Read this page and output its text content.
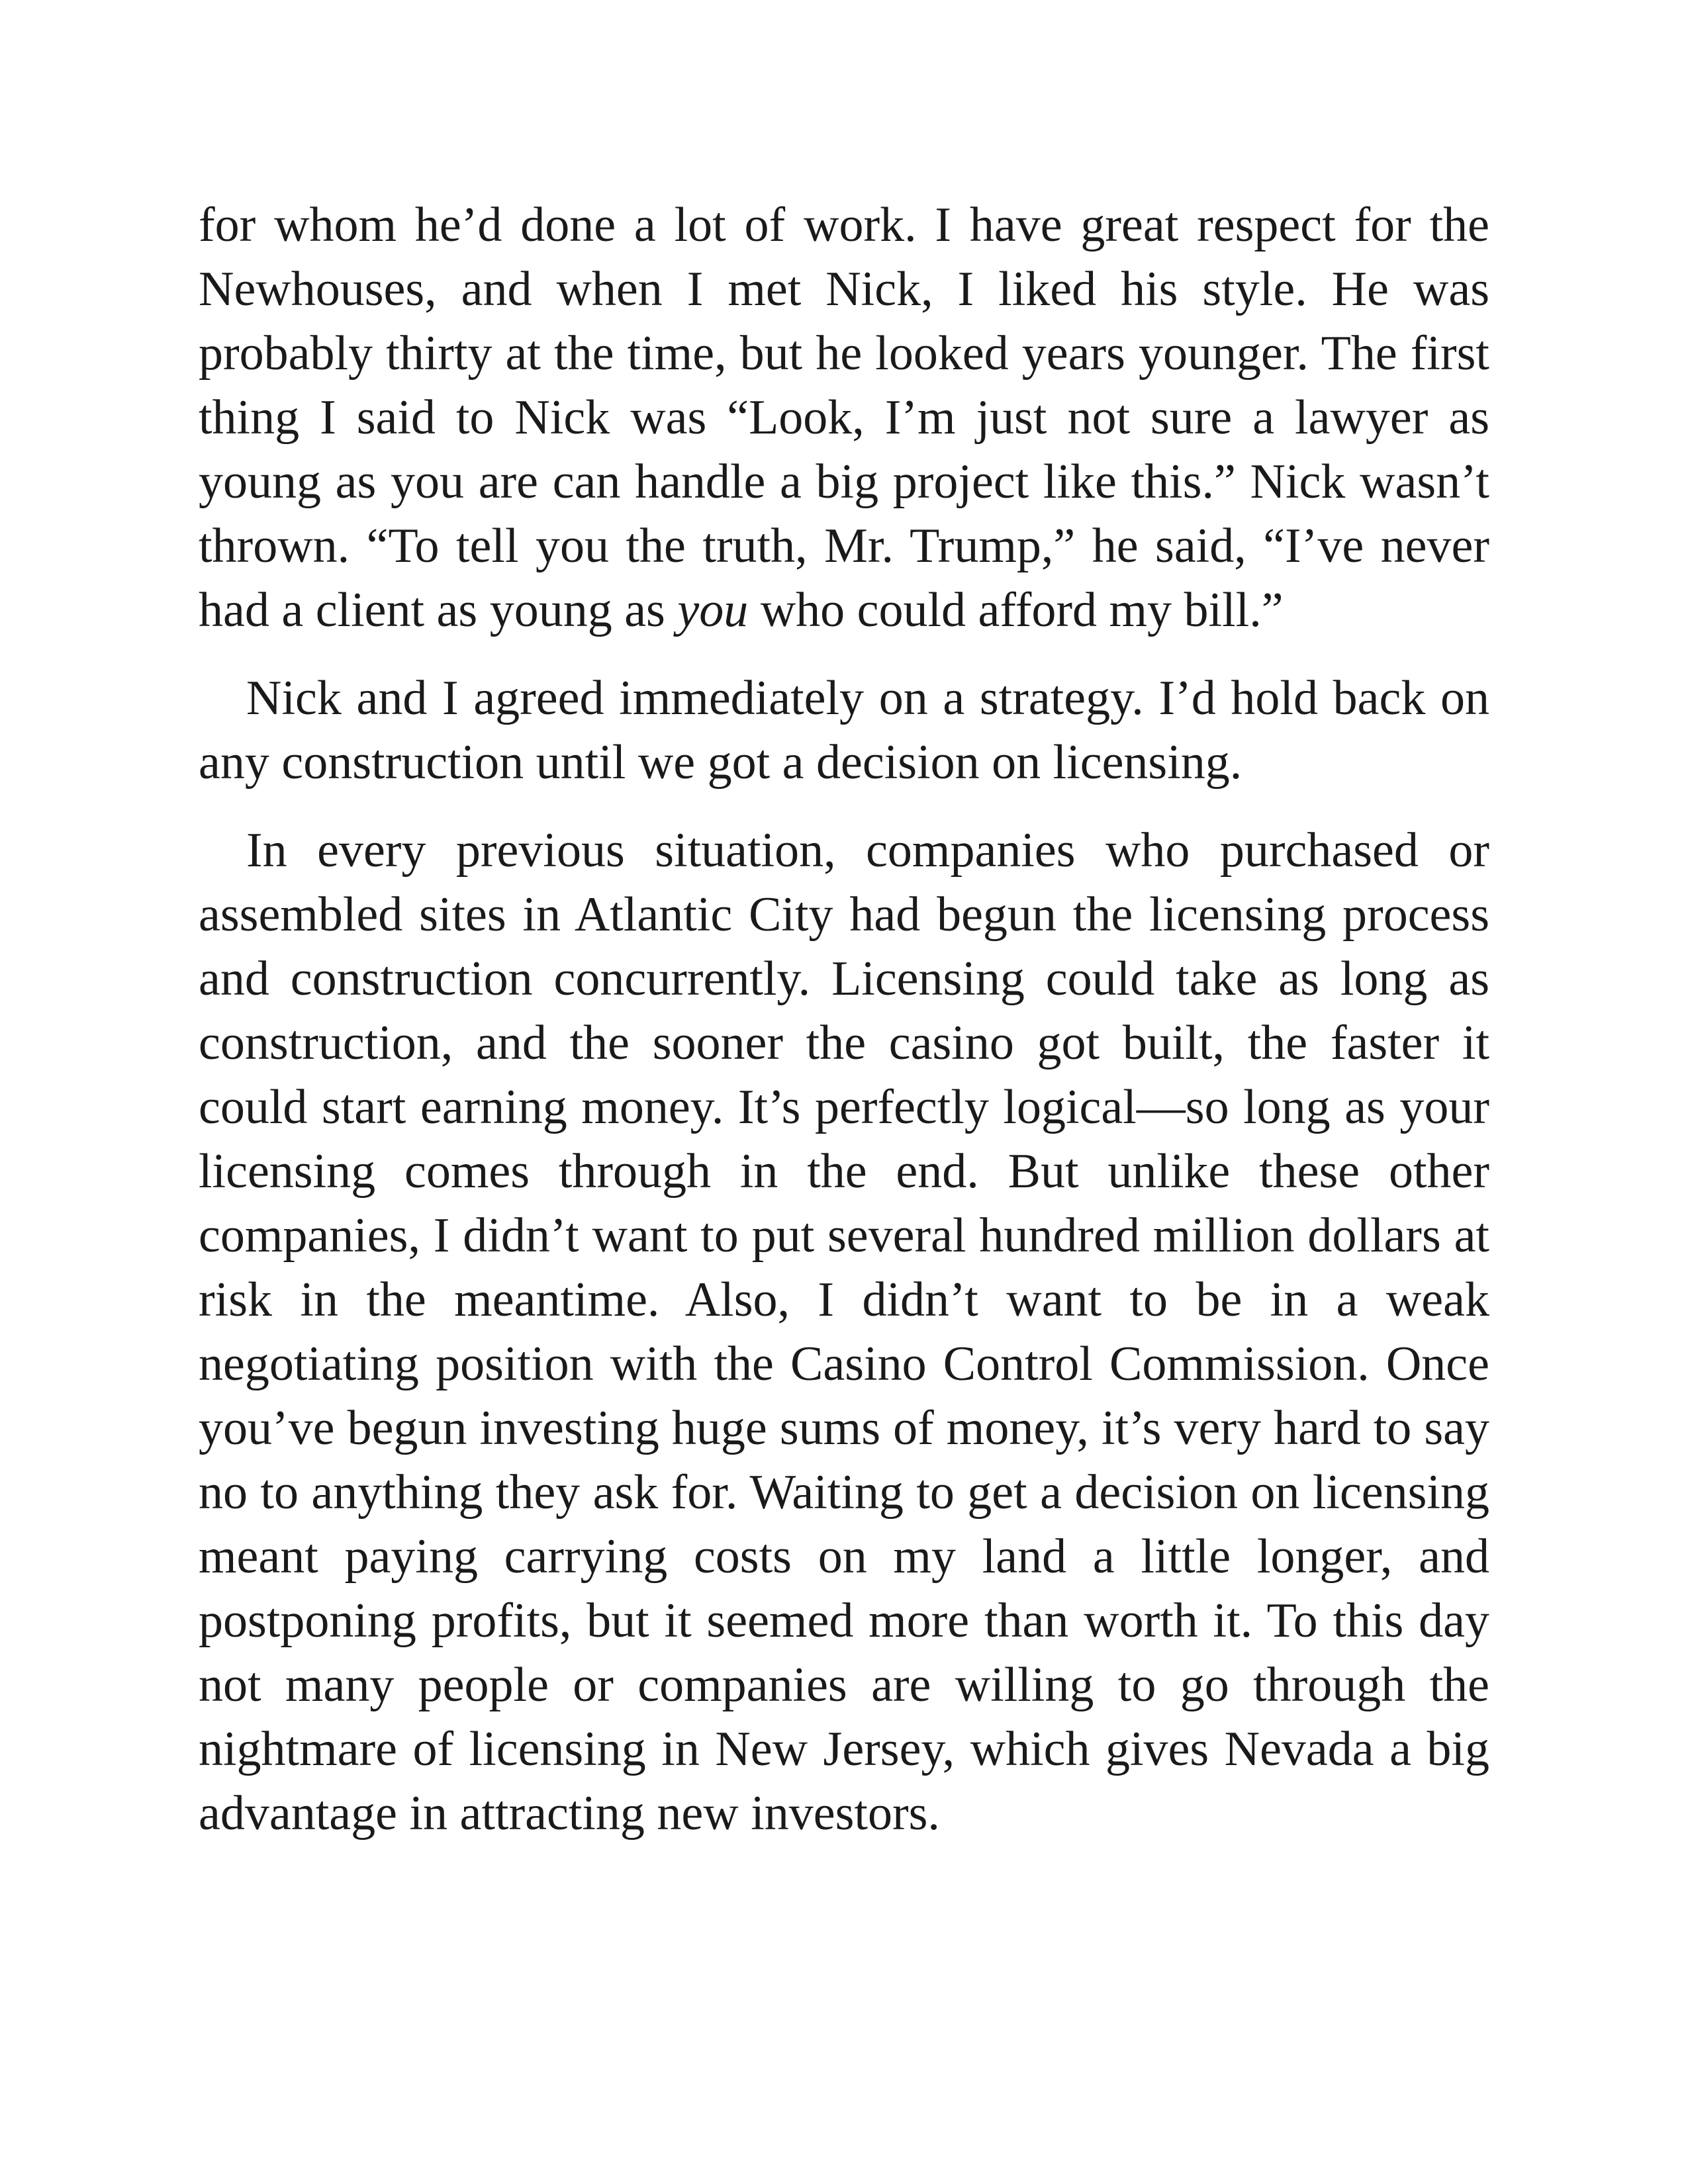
for whom he’d done a lot of work. I have great respect for the Newhouses, and when I met Nick, I liked his style. He was probably thirty at the time, but he looked years younger. The first thing I said to Nick was “Look, I’m just not sure a lawyer as young as you are can handle a big project like this.” Nick wasn’t thrown. “To tell you the truth, Mr. Trump,” he said, “I’ve never had a client as young as you who could afford my bill.”

Nick and I agreed immediately on a strategy. I’d hold back on any construction until we got a decision on licensing.

In every previous situation, companies who purchased or assembled sites in Atlantic City had begun the licensing process and construction concurrently. Licensing could take as long as construction, and the sooner the casino got built, the faster it could start earning money. It’s perfectly logical—so long as your licensing comes through in the end. But unlike these other companies, I didn’t want to put several hundred million dollars at risk in the meantime. Also, I didn’t want to be in a weak negotiating position with the Casino Control Commission. Once you’ve begun investing huge sums of money, it’s very hard to say no to anything they ask for. Waiting to get a decision on licensing meant paying carrying costs on my land a little longer, and postponing profits, but it seemed more than worth it. To this day not many people or companies are willing to go through the nightmare of licensing in New Jersey, which gives Nevada a big advantage in attracting new investors.
